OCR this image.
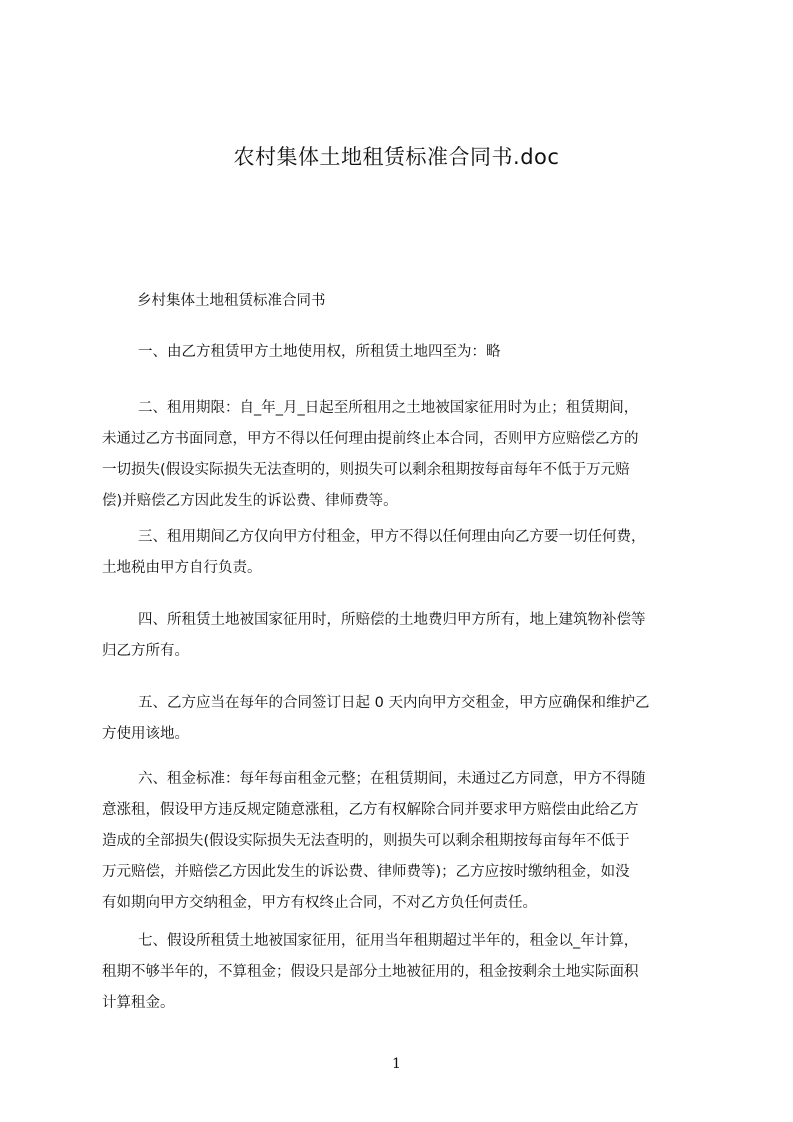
农村集体土地租赁标准合同书.doc
乡村集体土地租赁标准合同书
一、由乙方租赁甲方土地使用权，所租赁土地四至为：略
二、租用期限：自_年_月_日起至所租用之土地被国家征用时为止；租赁期间，
未通过乙方书面同意，甲方不得以任何理由提前终止本合同，否则甲方应赔偿乙方的
一切损失(假设实际损失无法查明的，则损失可以剩余租期按每亩每年不低于万元赔
偿)并赔偿乙方因此发生的诉讼费、律师费等。
三、租用期间乙方仅向甲方付租金，甲方不得以任何理由向乙方要一切任何费，
土地税由甲方自行负责。
四、所租赁土地被国家征用时，所赔偿的土地费归甲方所有，地上建筑物补偿等
归乙方所有。
五、乙方应当在每年的合同签订日起 0 天内向甲方交租金，甲方应确保和维护乙
方使用该地。
六、租金标准：每年每亩租金元整；在租赁期间，未通过乙方同意，甲方不得随
意涨租，假设甲方违反规定随意涨租，乙方有权解除合同并要求甲方赔偿由此给乙方
造成的全部损失(假设实际损失无法查明的，则损失可以剩余租期按每亩每年不低于
万元赔偿，并赔偿乙方因此发生的诉讼费、律师费等)；乙方应按时缴纳租金，如没
有如期向甲方交纳租金，甲方有权终止合同，不对乙方负任何责任。
七、假设所租赁土地被国家征用，征用当年租期超过半年的，租金以_年计算，
租期不够半年的，不算租金；假设只是部分土地被征用的，租金按剩余土地实际面积
计算租金。
1
